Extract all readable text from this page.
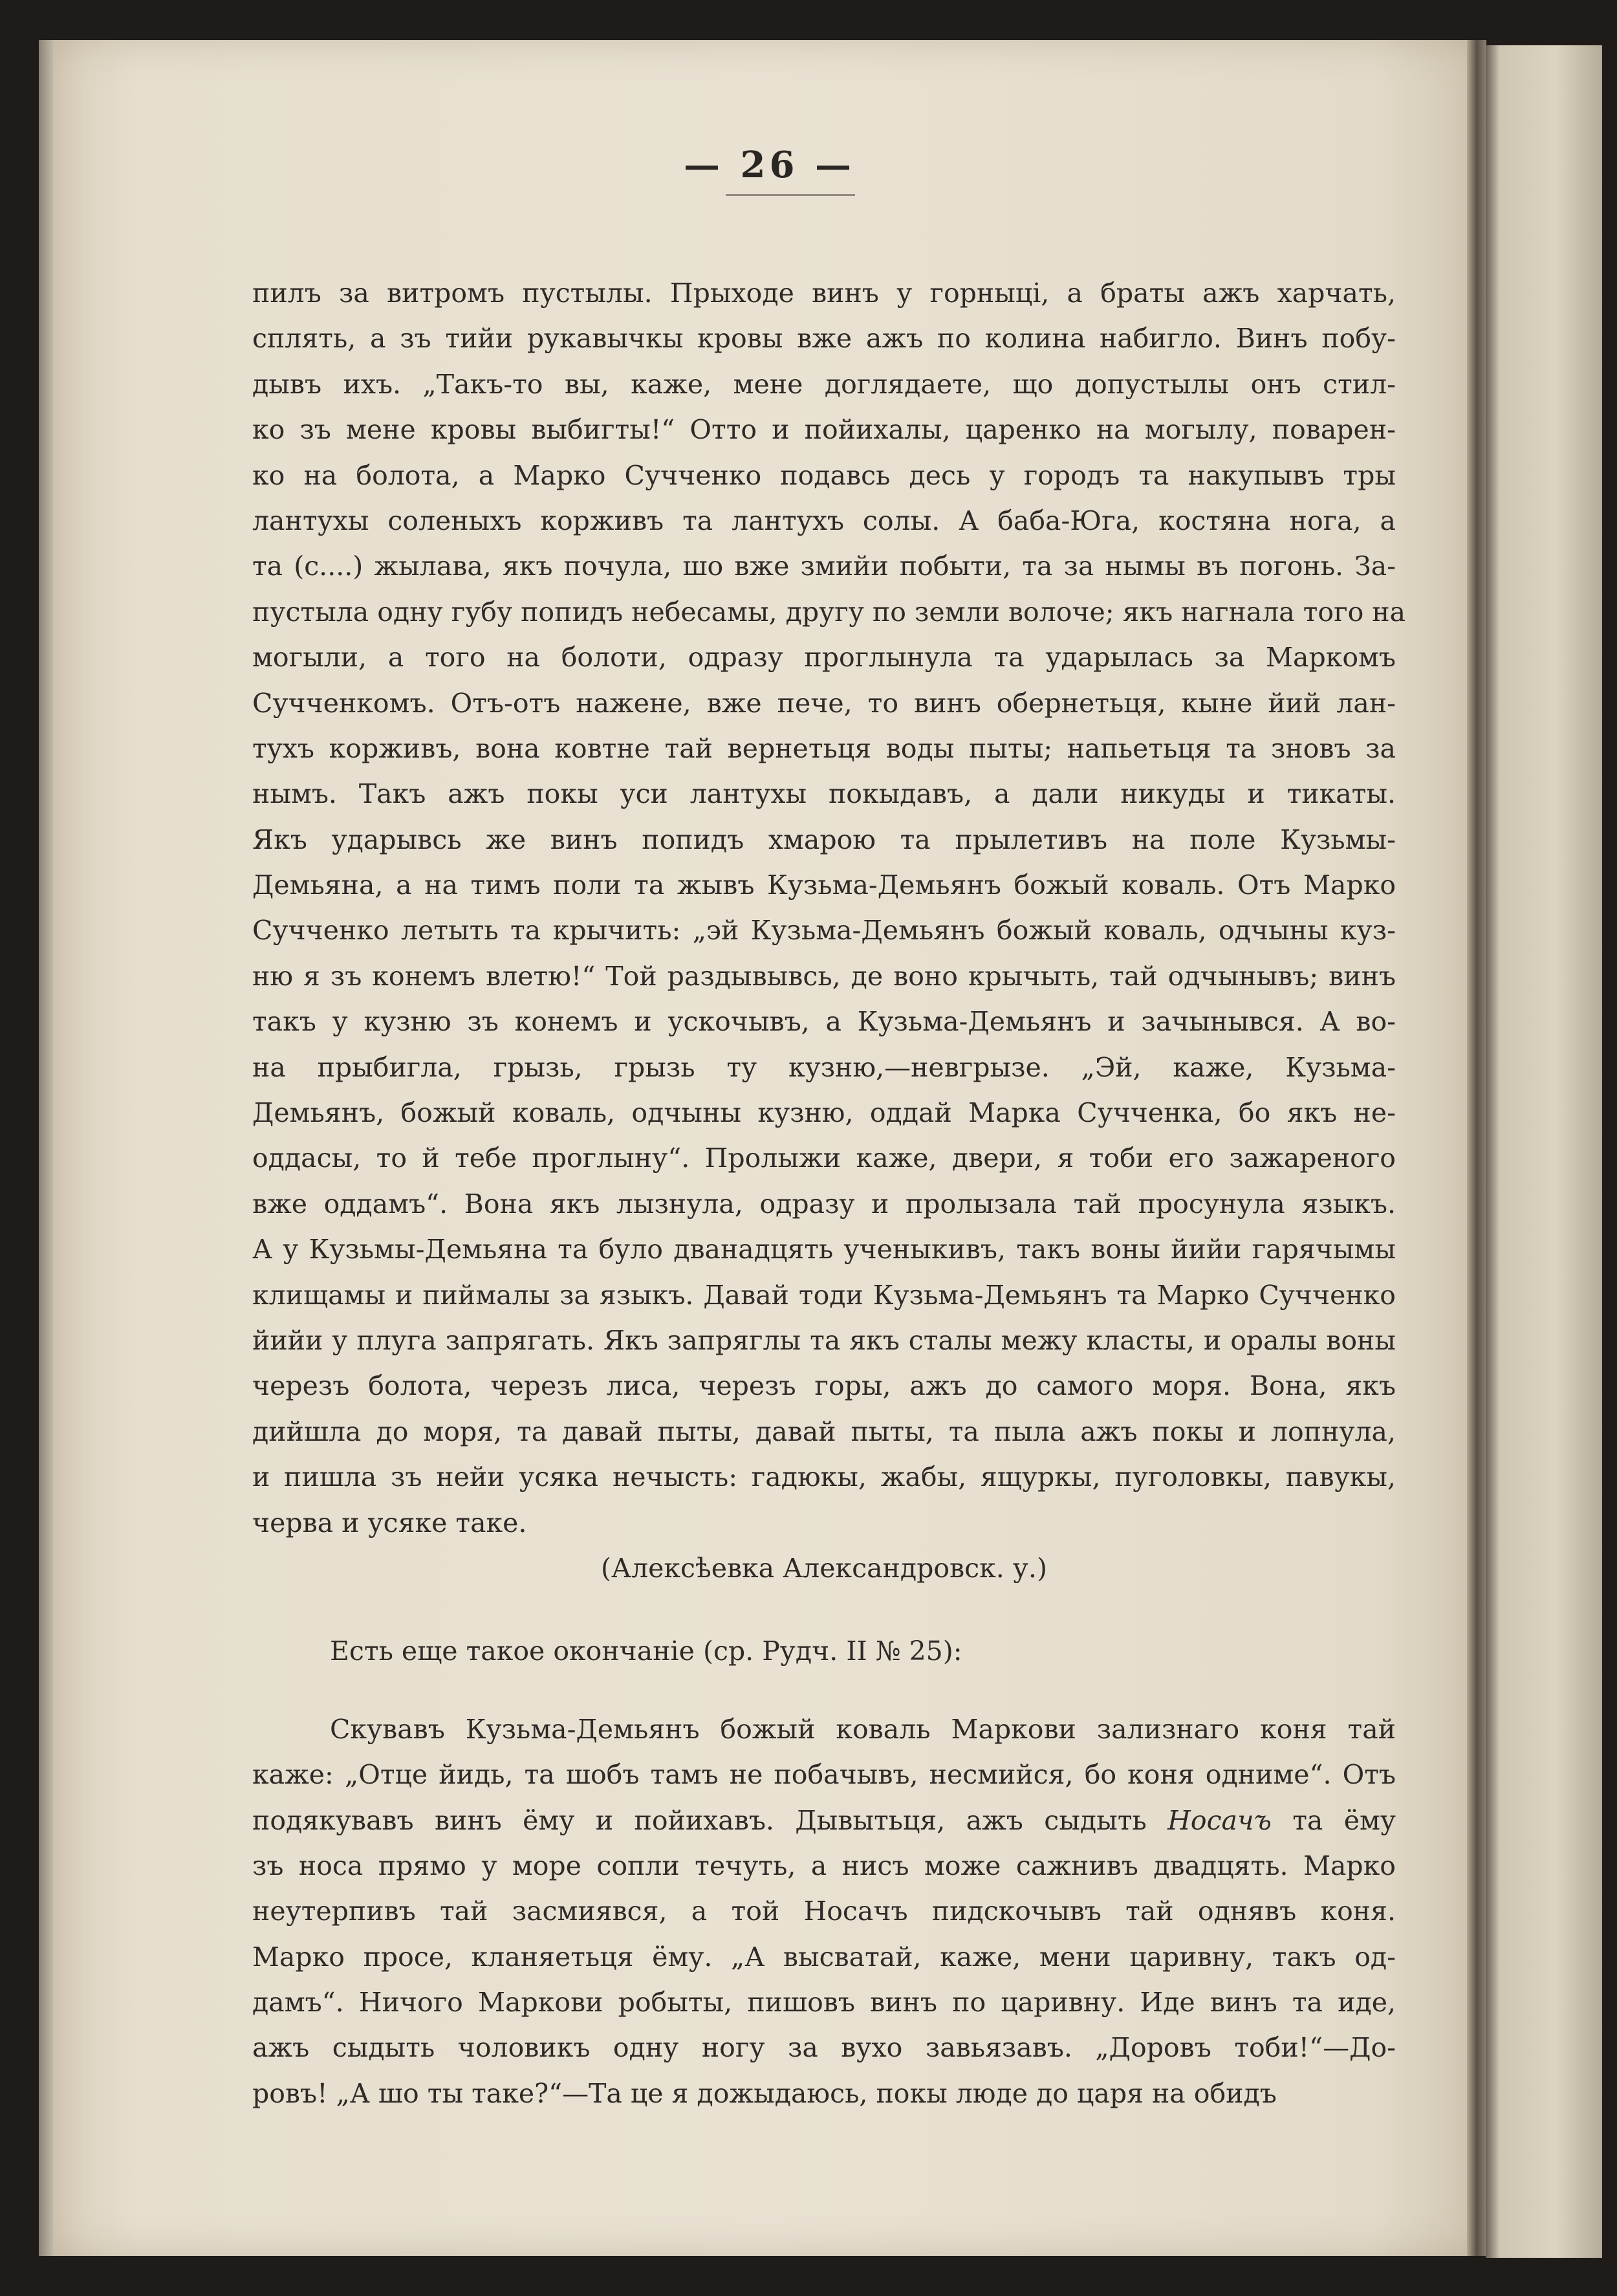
— 26 —
пилъ за витромъ пустылы. Прыходе винъ у горныцi, а браты ажъ харчать,
сплять, а зъ тийи рукавычкы кровы вже ажъ по колина набигло. Винъ побу-
дывъ ихъ. „Такъ-то вы, каже, мене доглядаете, що допустылы онъ стил-
ко зъ мене кровы выбигты!“ Отто и пойихалы, царенко на могылу, поварен-
ко на болота, а Марко Сучченко подавсь десь у городъ та накупывъ тры
лантухы соленыхъ корживъ та лантухъ солы. А баба-Юга, костяна нога, а
та (с....) жылава, якъ почула, шо вже змийи побыти, та за нымы въ погонь. За-
пустыла одну губу попидъ небесамы, другу по земли волоче; якъ нагнала того на
могыли, а того на болоти, одразу проглынула та ударылась за Маркомъ
Сучченкомъ. Отъ-отъ нажене, вже пече, то винъ обернетьця, кыне йий лан-
тухъ корживъ, вона ковтне тай вернетьця воды пыты; напьетьця та зновъ за
нымъ. Такъ ажъ покы уси лантухы покыдавъ, а дали никуды и тикаты.
Якъ ударывсь же винъ попидъ хмарою та прылетивъ на поле Кузьмы-
Демьяна, а на тимъ поли та жывъ Кузьма-Демьянъ божый коваль. Отъ Марко
Сучченко летыть та крычить: „эй Кузьма-Демьянъ божый коваль, одчыны куз-
ню я зъ конемъ влетю!“ Той раздывывсь, де воно крычыть, тай одчынывъ; винъ
такъ у кузню зъ конемъ и ускочывъ, а Кузьма-Демьянъ и зачынывся. А во-
на прыбигла, грызь, грызь ту кузню,—невгрызе. „Эй, каже, Кузьма-
Демьянъ, божый коваль, одчыны кузню, оддай Марка Сучченка, бо якъ не-
оддасы, то й тебе проглыну“. Пролыжи каже, двери, я тоби его зажареного
вже оддамъ“. Вона якъ лызнула, одразу и пролызала тай просунула языкъ.
А у Кузьмы-Демьяна та було дванадцять ученыкивъ, такъ воны йийи гарячымы
клищамы и пиймалы за языкъ. Давай тоди Кузьма-Демьянъ та Марко Сучченко
йийи у плуга запрягать. Якъ запряглы та якъ сталы межу класты, и оралы воны
черезъ болота, черезъ лиса, черезъ горы, ажъ до самого моря. Вона, якъ
дийшла до моря, та давай пыты, давай пыты, та пыла ажъ покы и лопнула,
и пишла зъ нейи усяка нечысть: гадюкы, жабы, ящуркы, пуголовкы, павукы,
черва и усяке таке.
(Алексѣевка Александровск. у.)
Есть еще такое окончанiе (ср. Рудч. II № 25):
Скувавъ Кузьма-Демьянъ божый коваль Маркови зализнаго коня тай
каже: „Отце йидь, та шобъ тамъ не побачывъ, несмийся, бо коня одниме“. Отъ
подякувавъ винъ ёму и пойихавъ. Дывытьця, ажъ сыдыть Носачъ та ёму
зъ носа прямо у море сопли течуть, а нисъ може сажнивъ двадцять. Марко
неутерпивъ тай засмиявся, а той Носачъ пидскочывъ тай однявъ коня.
Марко просе, кланяетьця ёму. „А высватай, каже, мени царивну, такъ од-
дамъ“. Ничого Маркови робыты, пишовъ винъ по царивну. Иде винъ та иде,
ажъ сыдыть чоловикъ одну ногу за вухо завьязавъ. „Доровъ тоби!“—До-
ровъ! „А шо ты таке?“—Та це я дожыдаюсь, покы люде до царя на обидъ
